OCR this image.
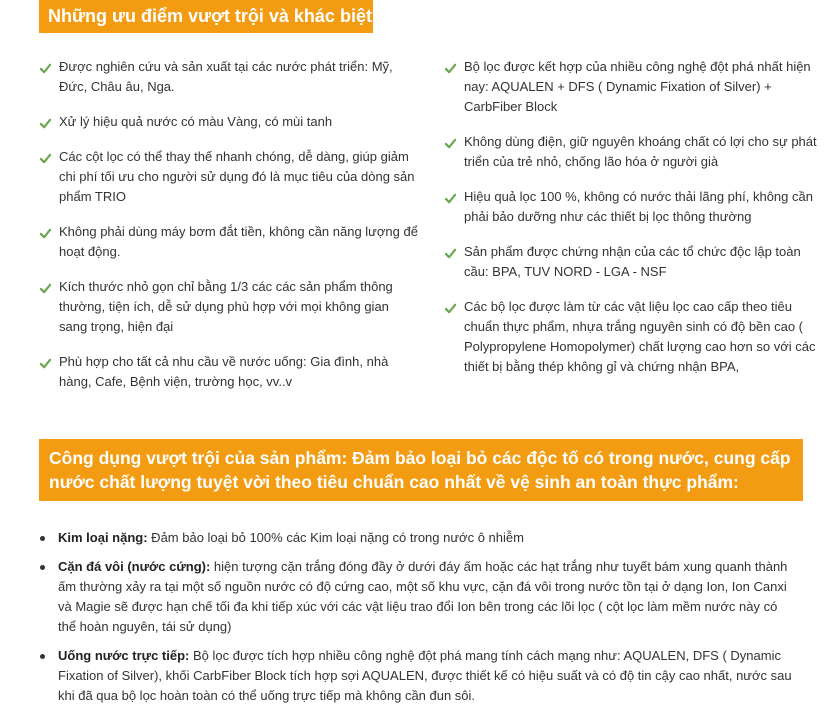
Những ưu điểm vượt trội và khác biệt
Được nghiên cứu và sản xuất tại các nước phát triển: Mỹ, Đức, Châu âu, Nga.
Xử lý hiệu quả nước có màu Vàng, có mùi tanh
Các cột lọc có thể thay thế nhanh chóng, dễ dàng, giúp giảm chi phí tối ưu cho người sử dụng đó là mục tiêu của dòng sản phẩm TRIO
Không phải dùng máy bơm đắt tiền, không cần năng lượng để hoạt động.
Kích thước nhỏ gọn chỉ bằng 1/3 các các sản phẩm thông thường, tiện ích, dễ sử dụng phù hợp với mọi không gian sang trọng, hiện đại
Phù hợp cho tất cả nhu cầu về nước uống: Gia đình, nhà hàng, Cafe, Bệnh viện, trường học, vv..v
Bộ lọc được kết hợp của nhiều công nghệ đột phá nhất hiện nay: AQUALEN + DFS ( Dynamic Fixation of Silver) + CarbFiber Block
Không dùng điện, giữ nguyên khoáng chất có lợi cho sự phát triển của trẻ nhỏ, chống lão hóa ở người già
Hiệu quả lọc 100 %, không có nước thải lãng phí, không cần phải bảo dưỡng như các thiết bị lọc thông thường
Sản phẩm được chứng nhận của các tổ chức độc lập toàn cầu: BPA, TUV NORD - LGA - NSF
Các bộ lọc được làm từ các vật liệu lọc cao cấp theo tiêu chuẩn thực phẩm, nhựa trắng nguyên sinh có độ bền cao ( Polypropylene Homopolymer) chất lượng cao hơn so với các thiết bị bằng thép không gỉ và chứng nhận BPA,
Công dụng vượt trội của sản phẩm: Đảm bảo loại bỏ các độc tố có trong nước, cung cấp nước chất lượng tuyệt vời theo tiêu chuẩn cao nhất về vệ sinh an toàn thực phẩm:
Kim loại nặng: Đảm bảo loại bỏ 100% các Kim loại nặng có trong nước ô nhiễm
Cặn đá vôi (nước cứng): hiện tượng cặn trắng đóng đầy ở dưới đáy ấm hoặc các hạt trắng như tuyết bám xung quanh thành ấm thường xảy ra tại một số nguồn nước có độ cứng cao, một số khu vực, cặn đá vôi trong nước tồn tại ở dạng Ion, Ion Canxi và Magie sẽ được hạn chế tối đa khi tiếp xúc với các vật liệu trao đổi Ion bên trong các lõi lọc ( cột lọc làm mềm nước này có thể hoàn nguyên, tái sử dụng)
Uống nước trực tiếp: Bộ lọc được tích hợp nhiều công nghệ đột phá mang tính cách mạng như: AQUALEN, DFS ( Dynamic Fixation of Silver), khối CarbFiber Block tích hợp sợi AQUALEN, được thiết kế có hiệu suất và có độ tin cậy cao nhất, nước sau khi đã qua bộ lọc hoàn toàn có thể uống trực tiếp mà không cần đun sôi.
